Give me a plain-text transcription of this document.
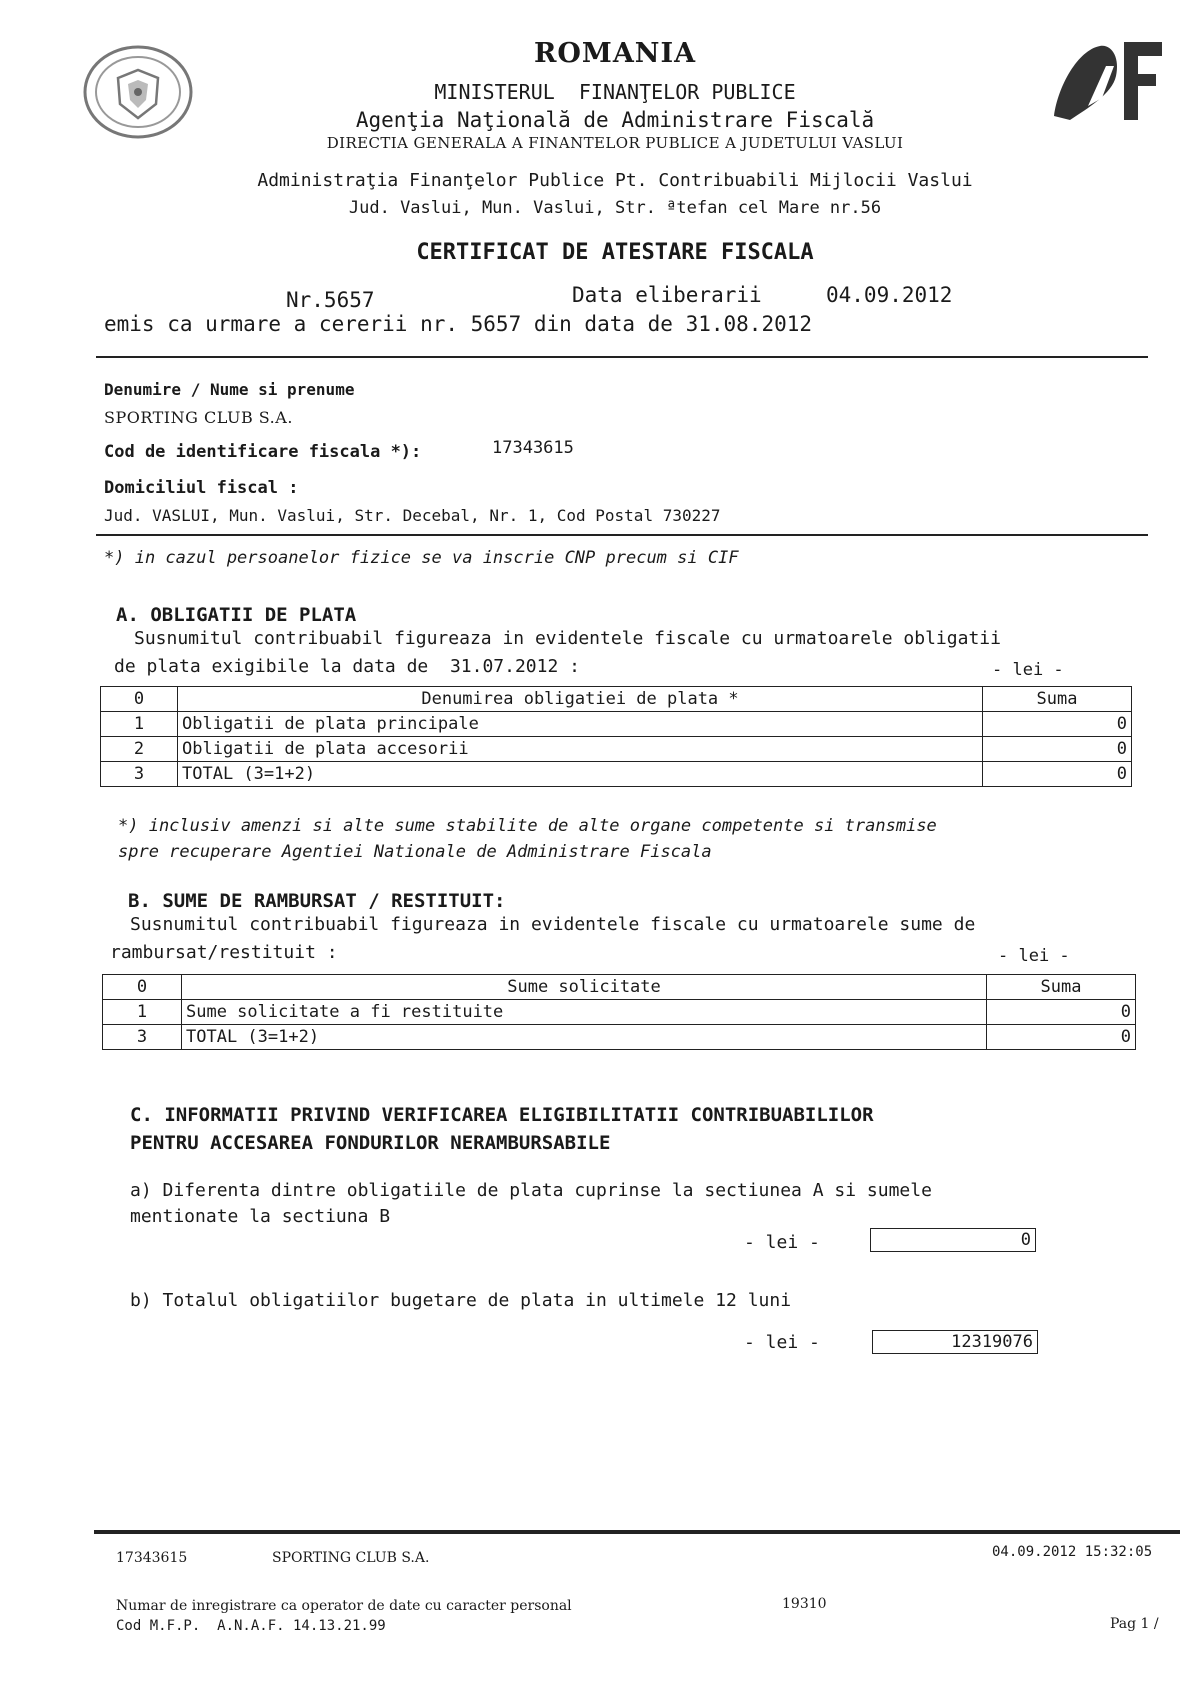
ROMANIA
MINISTERUL  FINANŢELOR PUBLICE
Agenţia Naţională de Administrare Fiscală
DIRECTIA GENERALA A FINANTELOR PUBLICE A JUDETULUI VASLUI
Administraţia Finanţelor Publice Pt. Contribuabili Mijlocii Vaslui
Jud. Vaslui, Mun. Vaslui, Str. ªtefan cel Mare nr.56
CERTIFICAT DE ATESTARE FISCALA
Nr.5657	Data eliberarii	04.09.2012
emis ca urmare a cererii nr. 5657 din data de 31.08.2012
Denumire / Nume si prenume
SPORTING CLUB S.A.
Cod de identificare fiscala *):	17343615
Domiciliul fiscal :
Jud. VASLUI, Mun. Vaslui, Str. Decebal, Nr. 1, Cod Postal 730227
*) in cazul persoanelor fizice se va inscrie CNP precum si CIF
A. OBLIGATII DE PLATA
Susnumitul contribuabil figureaza in evidentele fiscale cu urmatoarele obligatii
de plata exigibile la data de  31.07.2012 :	- lei -
0	Denumirea obligatiei de plata *	Suma
1	Obligatii de plata principale	0
2	Obligatii de plata accesorii	0
3	TOTAL (3=1+2)	0
*) inclusiv amenzi si alte sume stabilite de alte organe competente si transmise
spre recuperare Agentiei Nationale de Administrare Fiscala
B. SUME DE RAMBURSAT / RESTITUIT:
Susnumitul contribuabil figureaza in evidentele fiscale cu urmatoarele sume de
rambursat/restituit :	- lei -
0	Sume solicitate	Suma
1	Sume solicitate a fi restituite	0
3	TOTAL (3=1+2)	0
C. INFORMATII PRIVIND VERIFICAREA ELIGIBILITATII CONTRIBUABILILOR
PENTRU ACCESAREA FONDURILOR NERAMBURSABILE
a) Diferenta dintre obligatiile de plata cuprinse la sectiunea A si sumele
mentionate la sectiuna B
- lei -	0
b) Totalul obligatiilor bugetare de plata in ultimele 12 luni
- lei -	12319076
17343615	SPORTING CLUB S.A.	04.09.2012 15:32:05
Numar de inregistrare ca operator de date cu caracter personal	19310
Cod M.F.P.  A.N.A.F. 14.13.21.99	Pag 1 /
